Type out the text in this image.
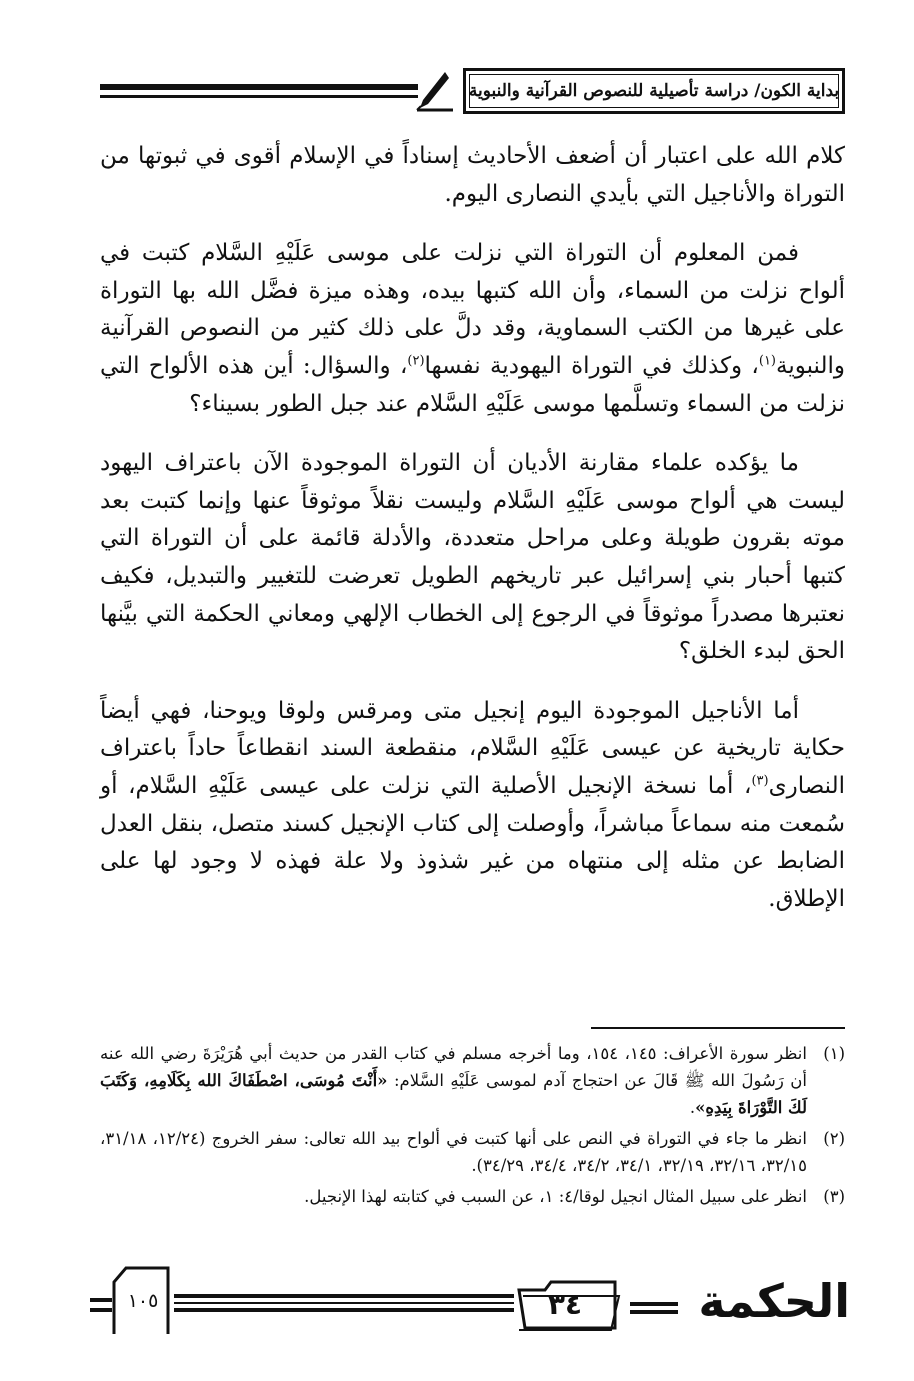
بداية الكون/ دراسة تأصيلية للنصوص القرآنية والنبوية

كلام الله على اعتبار أن أضعف الأحاديث إسناداً في الإسلام أقوى في ثبوتها من التوراة والأناجيل التي بأيدي النصارى اليوم.

فمن المعلوم أن التوراة التي نزلت على موسى عَلَيْهِ السَّلام كتبت في ألواح نزلت من السماء، وأن الله كتبها بيده، وهذه ميزة فضَّل الله بها التوراة على غيرها من الكتب السماوية، وقد دلَّ على ذلك كثير من النصوص القرآنية والنبوية$^{(١)}$، وكذلك في التوراة اليهودية نفسها$^{(٢)}$، والسؤال: أين هذه الألواح التي نزلت من السماء وتسلَّمها موسى عَلَيْهِ السَّلام عند جبل الطور بسيناء؟

ما يؤكده علماء مقارنة الأديان أن التوراة الموجودة الآن باعتراف اليهود ليست هي ألواح موسى عَلَيْهِ السَّلام وليست نقلاً موثوقاً عنها وإنما كتبت بعد موته بقرون طويلة وعلى مراحل متعددة، والأدلة قائمة على أن التوراة التي كتبها أحبار بني إسرائيل عبر تاريخهم الطويل تعرضت للتغيير والتبديل، فكيف نعتبرها مصدراً موثوقاً في الرجوع إلى الخطاب الإلهي ومعاني الحكمة التي بيَّنها الحق لبدء الخلق؟

أما الأناجيل الموجودة اليوم إنجيل متى ومرقس ولوقا ويوحنا، فهي أيضاً حكاية تاريخية عن عيسى عَلَيْهِ السَّلام، منقطعة السند انقطاعاً حاداً باعتراف النصارى$^{(٣)}$، أما نسخة الإنجيل الأصلية التي نزلت على عيسى عَلَيْهِ السَّلام، أو سُمعت منه سماعاً مباشراً، وأوصلت إلى كتاب الإنجيل كسند متصل، بنقل العدل الضابط عن مثله إلى منتهاه من غير شذوذ ولا علة فهذه لا وجود لها على الإطلاق.

(١)
انظر سورة الأعراف: ١٤٥، ١٥٤، وما أخرجه مسلم في كتاب القدر من حديث أبي هُرَيْرَةَ رضي الله عنه أن رَسُولَ الله ﷺ قَالَ عن احتجاج آدم لموسى عَلَيْهِ السَّلام: «أَنْتَ مُوسَى، اصْطَفَاكَ الله بِكَلَامِهِ، وَكَتَبَ لَكَ التَّوْرَاةَ بِيَدِهِ».
(٢)
انظر ما جاء في التوراة في النص على أنها كتبت في ألواح بيد الله تعالى: سفر الخروج (١٢/٢٤، ٣١/١٨، ٣٢/١٥، ٣٢/١٦، ٣٢/١٩، ٣٤/١، ٣٤/٢، ٣٤/٤، ٣٤/٢٩).
(٣)
انظر على سبيل المثال انجيل لوقا/٤: ١، عن السبب في كتابته لهذا الإنجيل.
الحكمة
٣٤
١٠٥
